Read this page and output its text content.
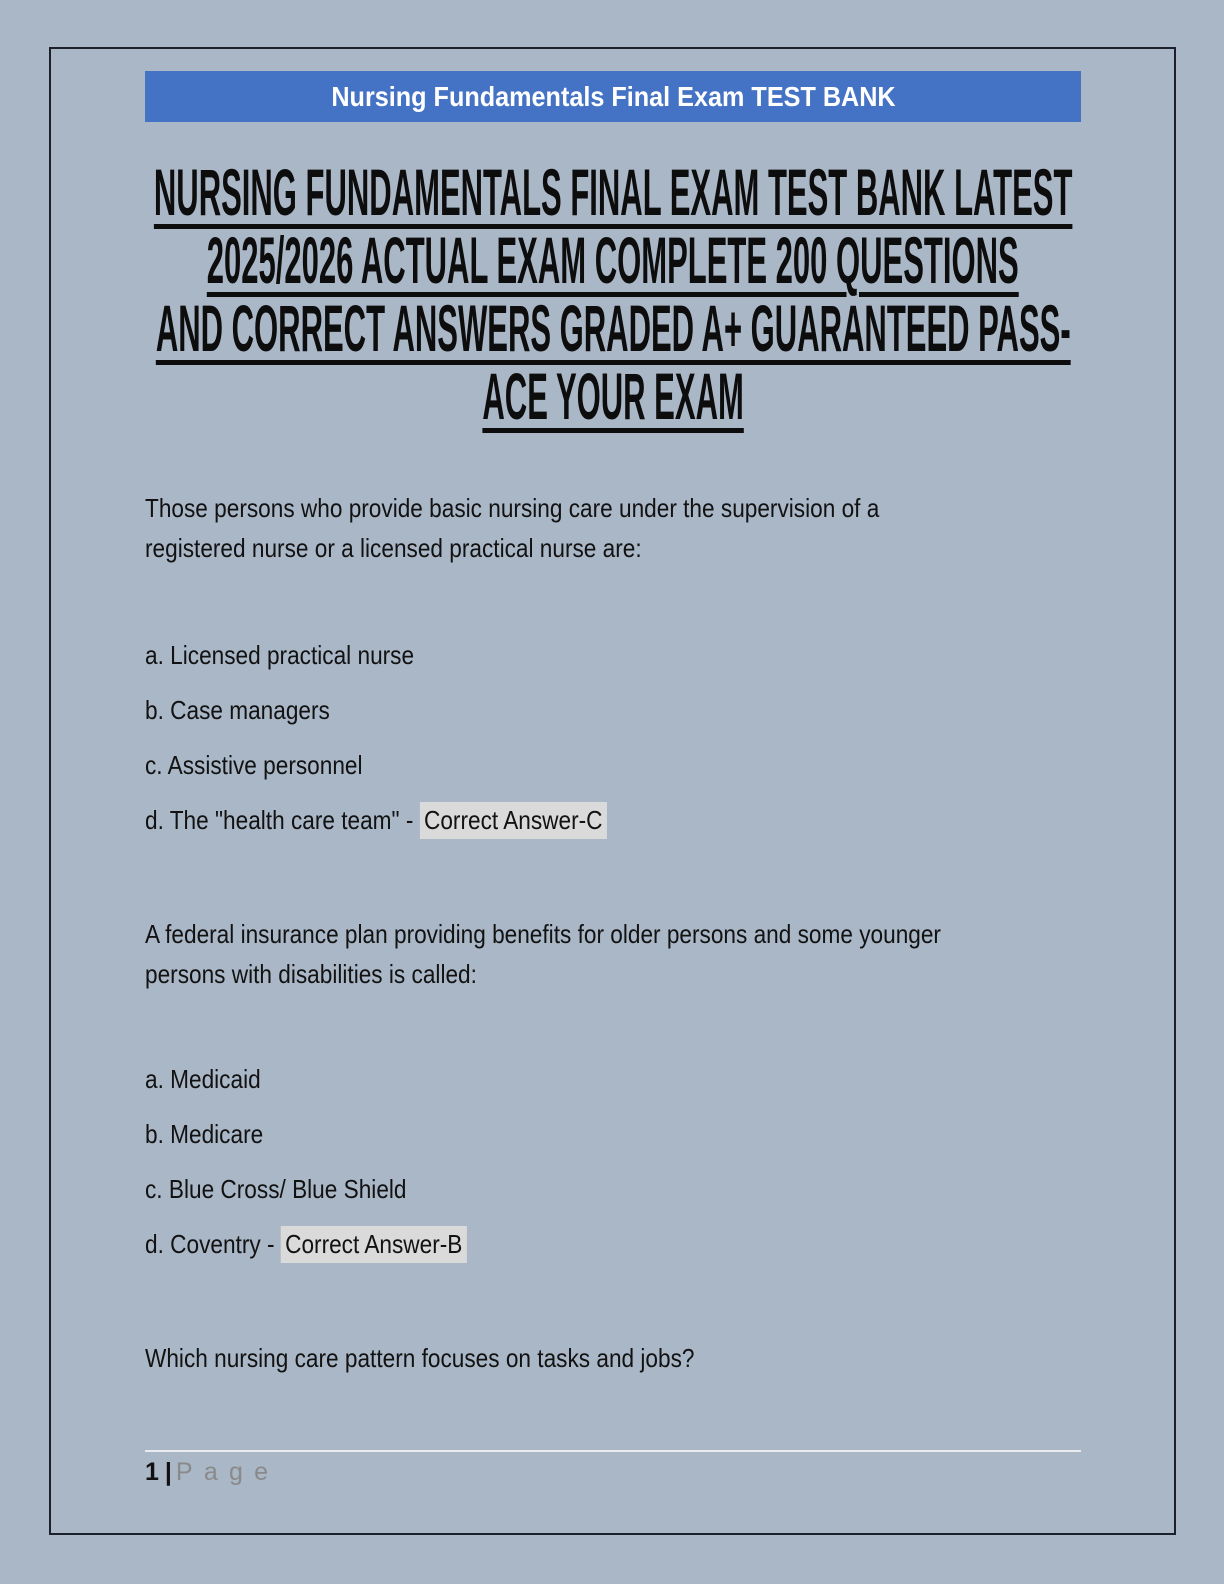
Nursing Fundamentals Final Exam TEST BANK
NURSING FUNDAMENTALS FINAL EXAM TEST BANK LATEST
2025/2026 ACTUAL EXAM COMPLETE 200 QUESTIONS
AND CORRECT ANSWERS GRADED A+ GUARANTEED PASS-
ACE YOUR EXAM
Those persons who provide basic nursing care under the supervision of a
registered nurse or a licensed practical nurse are:
a. Licensed practical nurse
b. Case managers
c. Assistive personnel
d. The "health care team" - Correct Answer-C
A federal insurance plan providing benefits for older persons and some younger
persons with disabilities is called:
a. Medicaid
b. Medicare
c. Blue Cross/ Blue Shield
d. Coventry - Correct Answer-B
Which nursing care pattern focuses on tasks and jobs?
1 | Page
